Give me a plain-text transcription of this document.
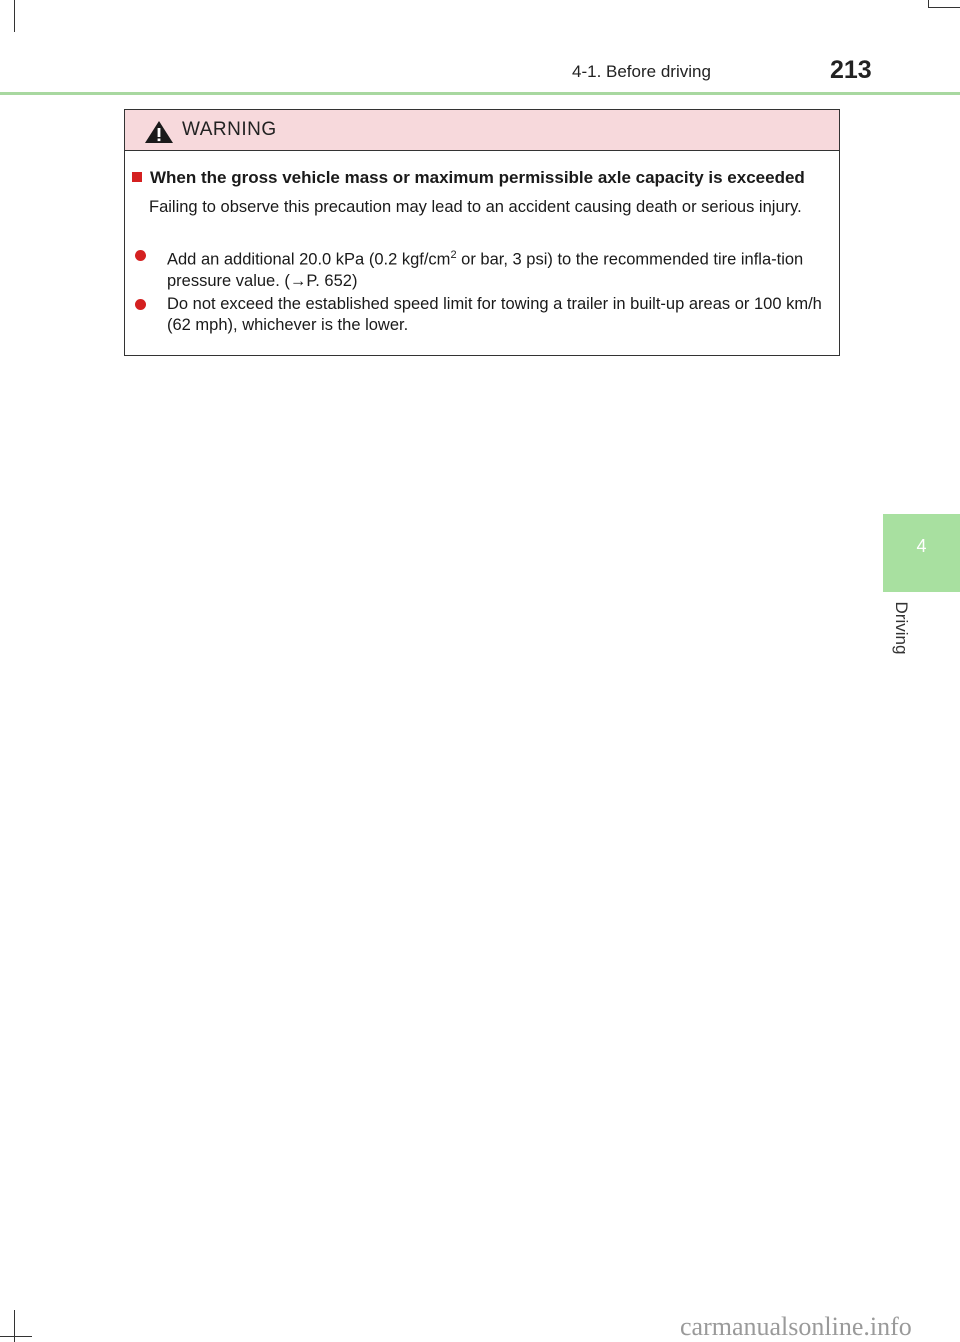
4-1. Before driving	213
WARNING
When the gross vehicle mass or maximum permissible axle capacity is exceeded
Failing to observe this precaution may lead to an accident causing death or serious injury.
Add an additional 20.0 kPa (0.2 kgf/$cm^2$ or bar, 3 psi) to the recommended tire infla-tion pressure value. (→P. 652)
Do not exceed the established speed limit for towing a trailer in built-up areas or 100 km/h (62 mph), whichever is the lower.
4
Driving
carmanualsonline.info
